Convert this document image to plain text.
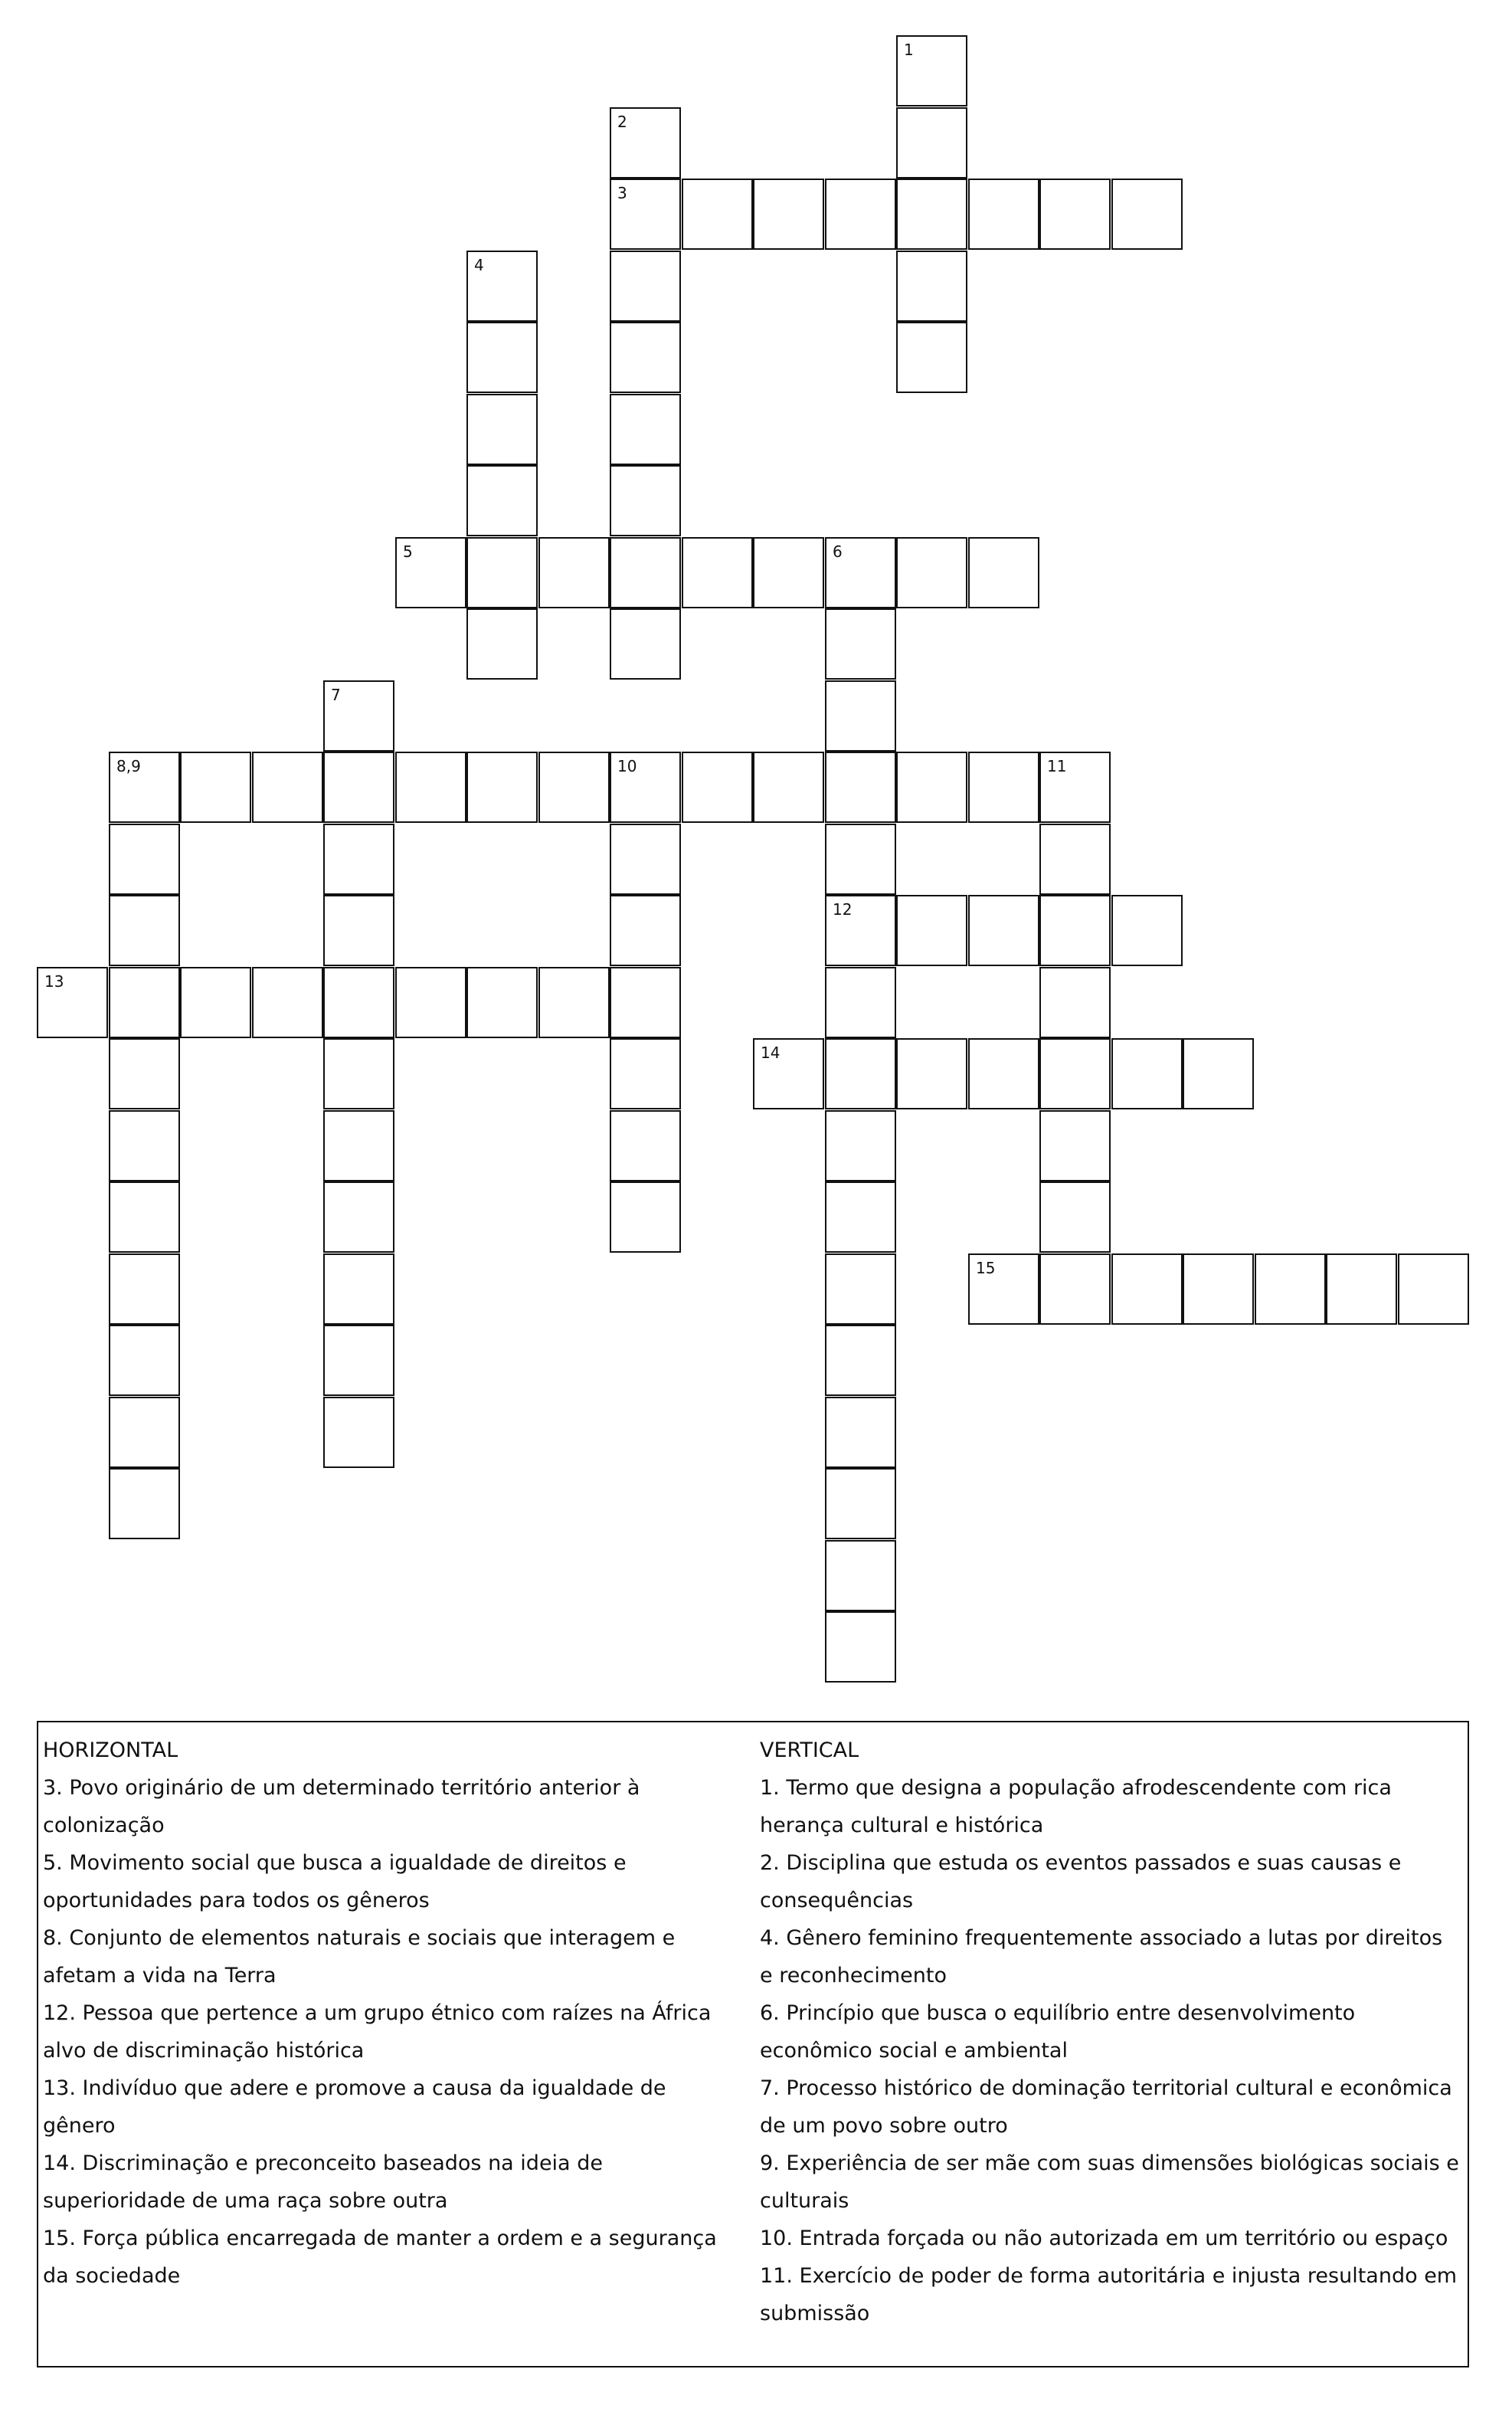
1
2
3
4
5	6
12
7
8,9	10	11
13
14
15

HORIZONTAL

3. Povo originário de um determinado território anterior à colonização

5. Movimento social que busca a igualdade de direitos e oportunidades para todos os gêneros

8. Conjunto de elementos naturais e sociais que interagem e afetam a vida na Terra

12. Pessoa que pertence a um grupo étnico com raízes na África alvo de discriminação histórica

13. Indivíduo que adere e promove a causa da igualdade de gênero

14. Discriminação e preconceito baseados na ideia de superioridade de uma raça sobre outra

15. Força pública encarregada de manter a ordem e a segurança da sociedade

VERTICAL

1. Termo que designa a população afrodescendente com rica herança cultural e histórica

2. Disciplina que estuda os eventos passados e suas causas e consequências

4. Gênero feminino frequentemente associado a lutas por direitos e reconhecimento

6. Princípio que busca o equilíbrio entre desenvolvimento econômico social e ambiental

7. Processo histórico de dominação territorial cultural e econômica de um povo sobre outro

9. Experiência de ser mãe com suas dimensões biológicas sociais e culturais

10. Entrada forçada ou não autorizada em um território ou espaço

11. Exercício de poder de forma autoritária e injusta resultando em submissão
